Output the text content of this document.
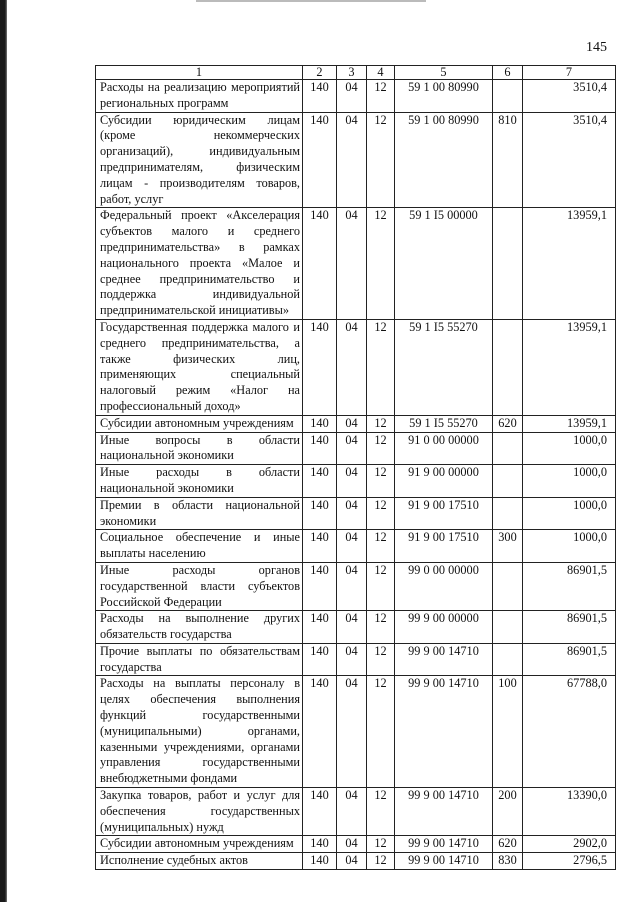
145
1	2	3	4	5	6	7
Расходы на реализацию мероприятий региональных программ	140	04	12	59 1 00 80990		3510,4
Субсидии юридическим лицам (кроме некоммерческих организаций), индивидуальным предпринимателям, физическим лицам - производителям товаров, работ, услуг	140	04	12	59 1 00 80990	810	3510,4
Федеральный проект «Акселерация субъектов малого и среднего предпринимательства» в рамках национального проекта «Малое и среднее предпринимательство и поддержка индивидуальной предпринимательской инициативы»	140	04	12	59 1 I5 00000		13959,1
Государственная поддержка малого и среднего предпринимательства, а также физических лиц, применяющих специальный налоговый режим «Налог на профессиональный доход»	140	04	12	59 1 I5 55270		13959,1
Субсидии автономным учреждениям	140	04	12	59 1 I5 55270	620	13959,1
Иные вопросы в области национальной экономики	140	04	12	91 0 00 00000		1000,0
Иные расходы в области национальной экономики	140	04	12	91 9 00 00000		1000,0
Премии в области национальной экономики	140	04	12	91 9 00 17510		1000,0
Социальное обеспечение и иные выплаты населению	140	04	12	91 9 00 17510	300	1000,0
Иные расходы органов государственной власти субъектов Российской Федерации	140	04	12	99 0 00 00000		86901,5
Расходы на выполнение других обязательств государства	140	04	12	99 9 00 00000		86901,5
Прочие выплаты по обязательствам государства	140	04	12	99 9 00 14710		86901,5
Расходы на выплаты персоналу в целях обеспечения выполнения функций государственными (муниципальными) органами, казенными учреждениями, органами управления государственными внебюджетными фондами	140	04	12	99 9 00 14710	100	67788,0
Закупка товаров, работ и услуг для обеспечения государственных (муниципальных) нужд	140	04	12	99 9 00 14710	200	13390,0
Субсидии автономным учреждениям	140	04	12	99 9 00 14710	620	2902,0
Исполнение судебных актов	140	04	12	99 9 00 14710	830	2796,5
